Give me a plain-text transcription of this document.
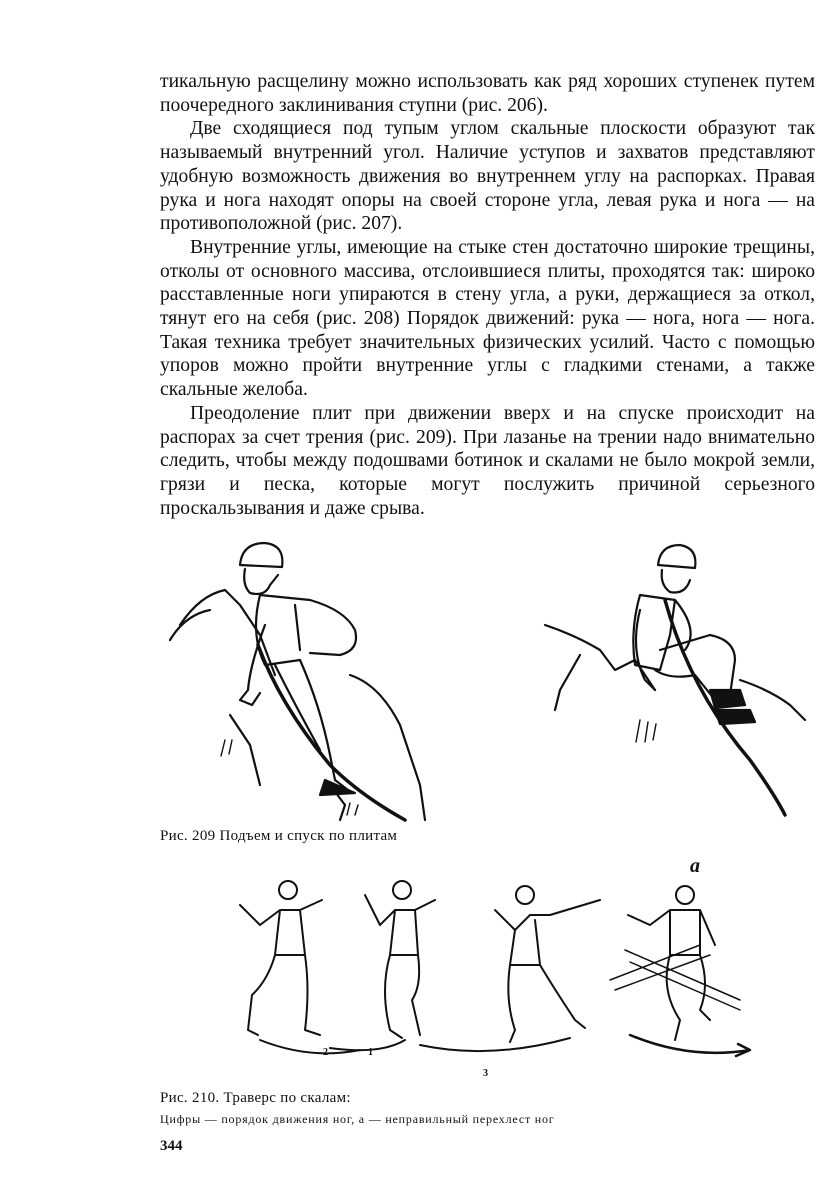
тикальную расщелину можно использовать как ряд хороших ступенек путем поочередного заклинивания ступни (рис. 206).

Две сходящиеся под тупым углом скальные плоскости образуют так называемый внутренний угол. Наличие уступов и захватов представляют удобную возможность движения во внутреннем углу на распорках. Правая рука и нога находят опоры на своей стороне угла, левая рука и нога — на противоположной (рис. 207).

Внутренние углы, имеющие на стыке стен достаточно широкие трещины, отколы от основного массива, отслоившиеся плиты, проходятся так: широко расставленные ноги упираются в стену угла, а руки, держащиеся за откол, тянут его на себя (рис. 208) Порядок движений: рука — нога, нога — нога. Такая техника требует значительных физических усилий. Часто с помощью упоров можно пройти внутренние углы с гладкими стенами, а также скальные желоба.

Преодоление плит при движении вверх и на спуске происходит на распорах за счет трения (рис. 209). При лазанье на трении надо внимательно следить, чтобы между подошвами ботинок и скалами не было мокрой земли, грязи и песка, которые могут послужить причиной серьезного проскальзывания и даже срыва.

Рис. 209 Подъем и спуск по плитам
а
2	1
3
Рис. 210. Траверс по скалам:
Цифры — порядок движения ног, а — неправильный перехлест ног
344
